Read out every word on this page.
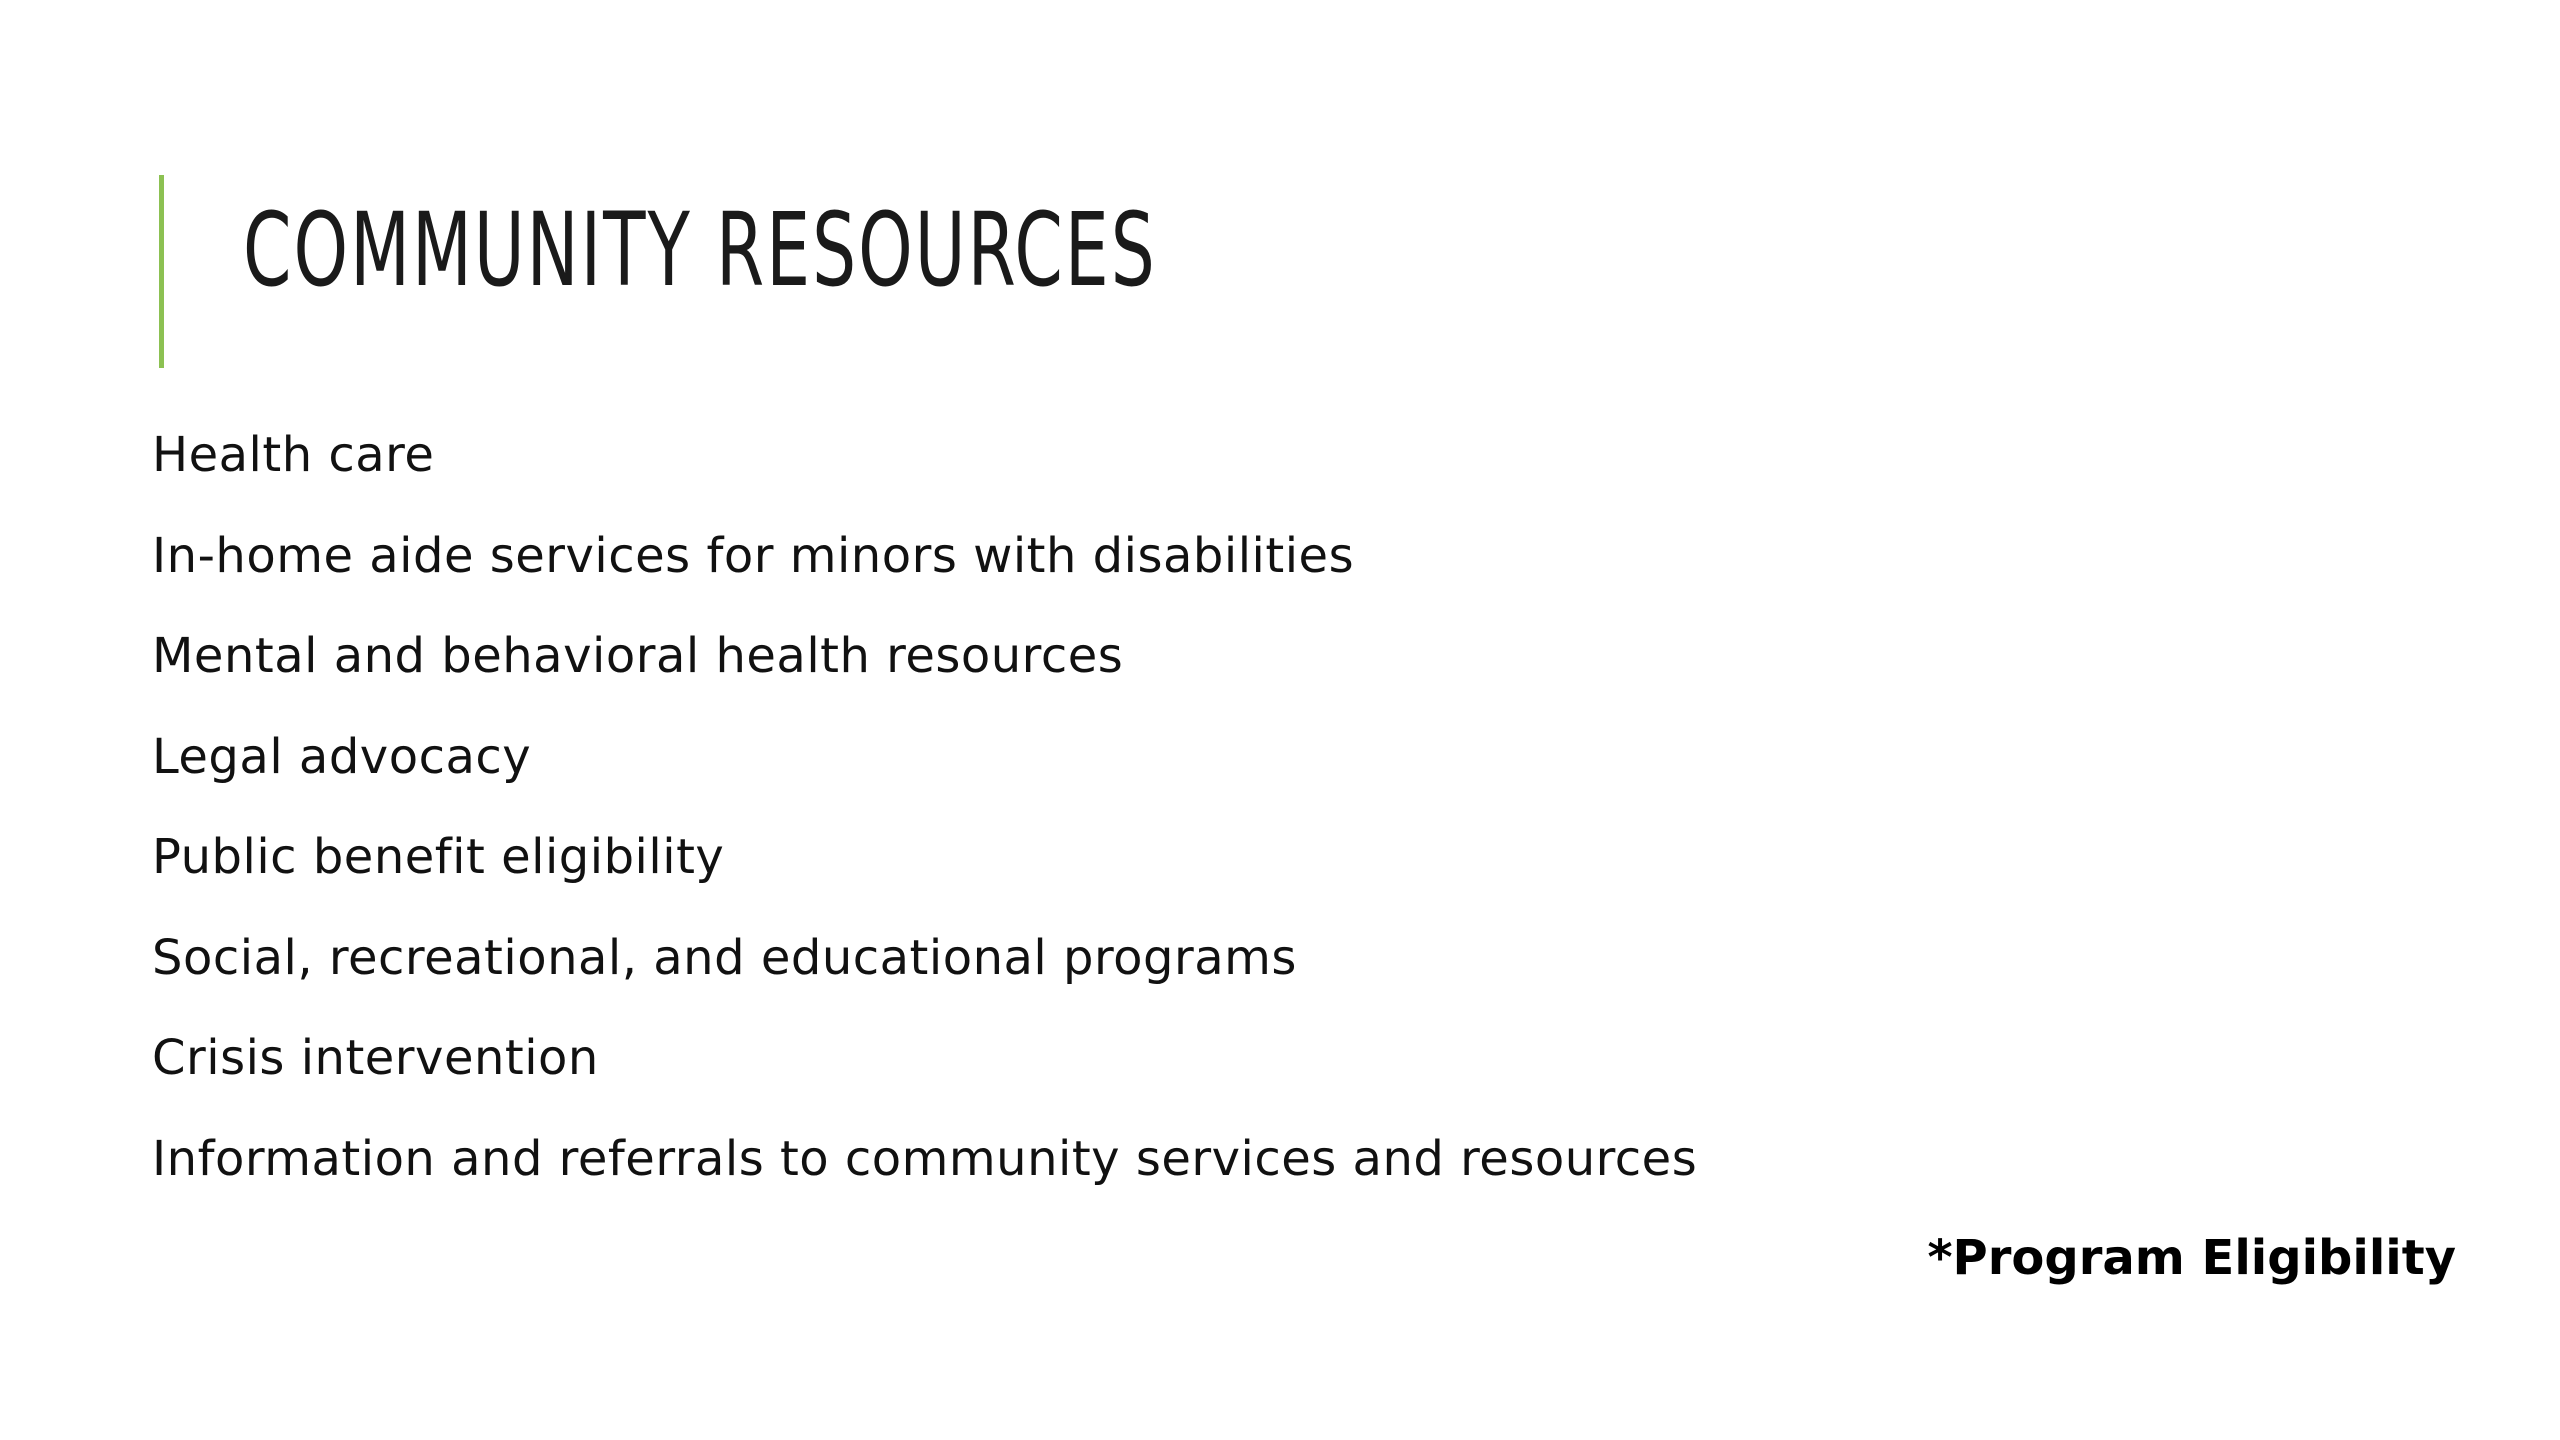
COMMUNITY RESOURCES
Health care
In-home aide services for minors with disabilities
Mental and behavioral health resources
Legal advocacy
Public benefit eligibility
Social, recreational, and educational programs
Crisis intervention
Information and referrals to community services and resources
*Program Eligibility
